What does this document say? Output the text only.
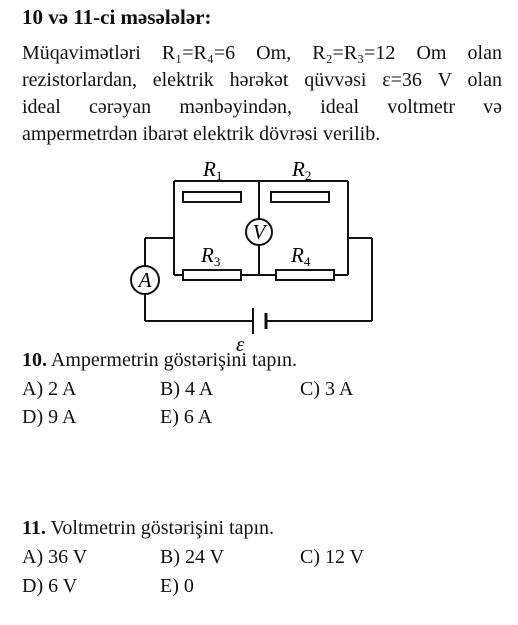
10 və 11-ci məsələlər:
Müqavimətləri R₁=R₄=6 Om, R₂=R₃=12 Om olan
rezistorlardan, elektrik hərəkət qüvvəsi ε=36 V olan
ideal cərəyan mənbəyindən, ideal voltmetr və
ampermetrdən ibarət elektrik dövrəsi verilib.
R1	R2
R3	R4
V
A
ε
10. Ampermetrin göstərişini tapın.
A) 2 A	B) 4 A	C) 3 A
D) 9 A	E) 6 A
11. Voltmetrin göstərişini tapın.
A) 36 V	B) 24 V	C) 12 V
D) 6 V	E) 0
